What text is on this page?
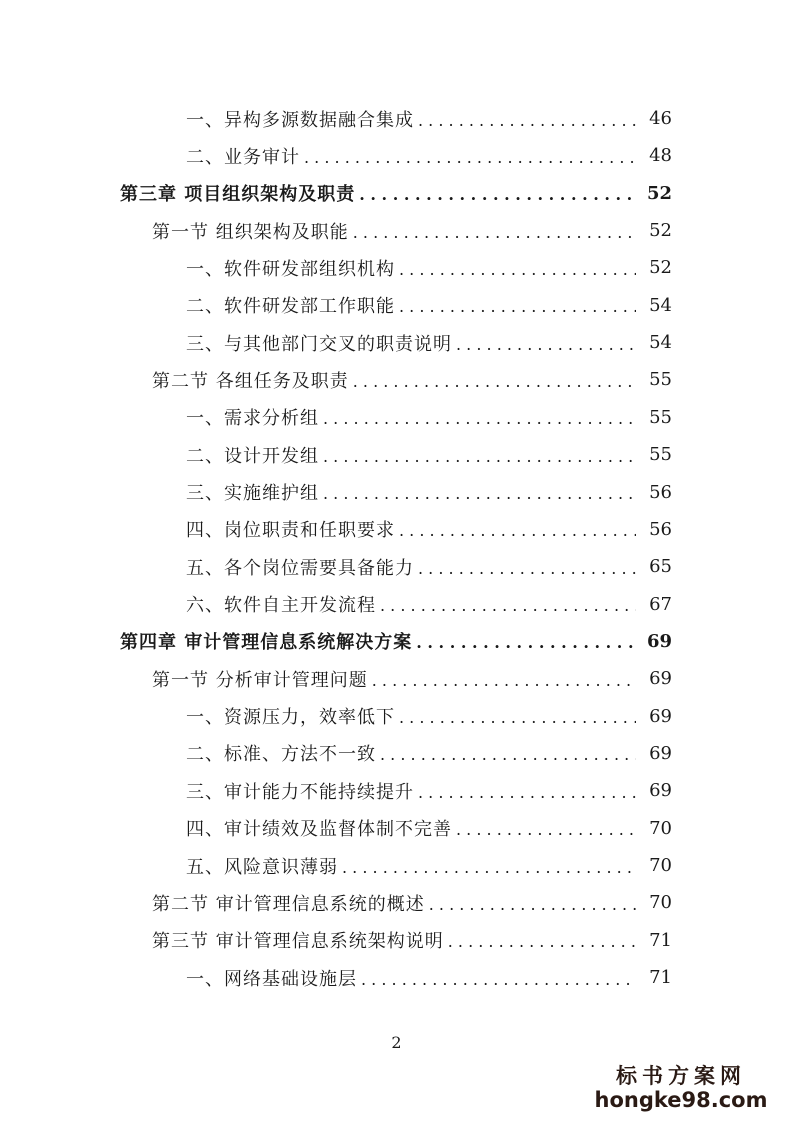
一、异构多源数据融合集成 . . .	46
二、业务审计 . . .	48
第三章 项目组织架构及职责 . . .	52
第一节 组织架构及职能 . . .	52
一、软件研发部组织机构 . . .	52
二、软件研发部工作职能 . . .	54
三、与其他部门交叉的职责说明 . . .	54
第二节 各组任务及职责 . . .	55
一、需求分析组 . . .	55
二、设计开发组 . . .	55
三、实施维护组 . . .	56
四、岗位职责和任职要求 . . .	56
五、各个岗位需要具备能力 . . .	65
六、软件自主开发流程 . . .	67
第四章 审计管理信息系统解决方案 . . .	69
第一节 分析审计管理问题 . . .	69
一、资源压力，效率低下 . . .	69
二、标准、方法不一致 . . .	69
三、审计能力不能持续提升 . . .	69
四、审计绩效及监督体制不完善 . . .	70
五、风险意识薄弱 . . .	70
第二节 审计管理信息系统的概述 . . .	70
第三节 审计管理信息系统架构说明 . . .	71
一、网络基础设施层 . . .	71
2
标书方案网
hongke98.com
